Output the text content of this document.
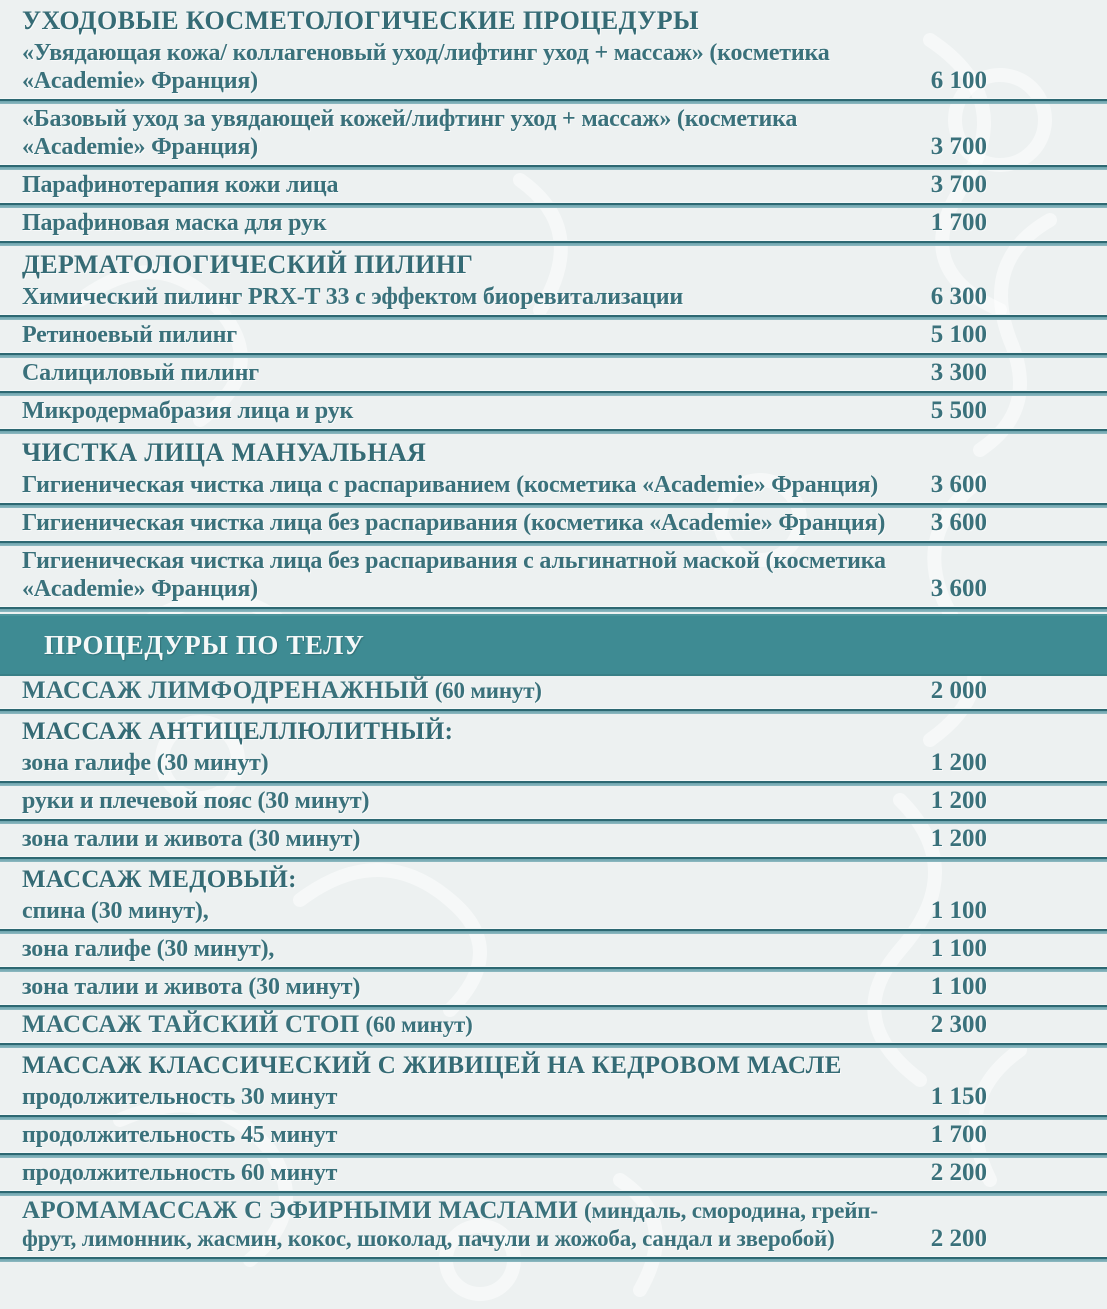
УХОДОВЫЕ КОСМЕТОЛОГИЧЕСКИЕ ПРОЦЕДУРЫ
«Увядающая кожа/ коллагеновый уход/лифтинг уход + массаж» (косметика «Academie» Франция)	6 100
«Базовый уход за увядающей кожей/лифтинг уход + массаж» (косметика «Academie» Франция)	3 700
Парафинотерапия кожи лица	3 700
Парафиновая маска для рук	1 700
ДЕРМАТОЛОГИЧЕСКИЙ ПИЛИНГ
Химический пилинг PRX-T 33 с эффектом биоревитализации	6 300
Ретиноевый пилинг	5 100
Салициловый пилинг	3 300
Микродермабразия лица и рук	5 500
ЧИСТКА ЛИЦА МАНУАЛЬНАЯ
Гигиеническая чистка лица с распариванием (косметика «Academie» Франция)	3 600
Гигиеническая чистка лица без распаривания (косметика «Academie» Франция)	3 600
Гигиеническая чистка лица без распаривания с альгинатной маской (косметика «Academie» Франция)	3 600
ПРОЦЕДУРЫ ПО ТЕЛУ
МАССАЖ ЛИМФОДРЕНАЖНЫЙ (60 минут)	2 000
МАССАЖ АНТИЦЕЛЛЮЛИТНЫЙ:
зона галифе (30 минут)	1 200
руки и плечевой пояс (30 минут)	1 200
зона талии и живота (30 минут)	1 200
МАССАЖ МЕДОВЫЙ:
спина (30 минут),	1 100
зона галифе (30 минут),	1 100
зона талии и живота (30 минут)	1 100
МАССАЖ ТАЙСКИЙ СТОП (60 минут)	2 300
МАССАЖ КЛАССИЧЕСКИЙ С ЖИВИЦЕЙ НА КЕДРОВОМ МАСЛЕ
продолжительность 30 минут	1 150
продолжительность 45 минут	1 700
продолжительность 60 минут	2 200
АРОМАМАССАЖ С ЭФИРНЫМИ МАСЛАМИ (миндаль, смородина, грейп-фрут, лимонник, жасмин, кокос, шоколад, пачули и жожоба, сандал и зверобой)	2 200
